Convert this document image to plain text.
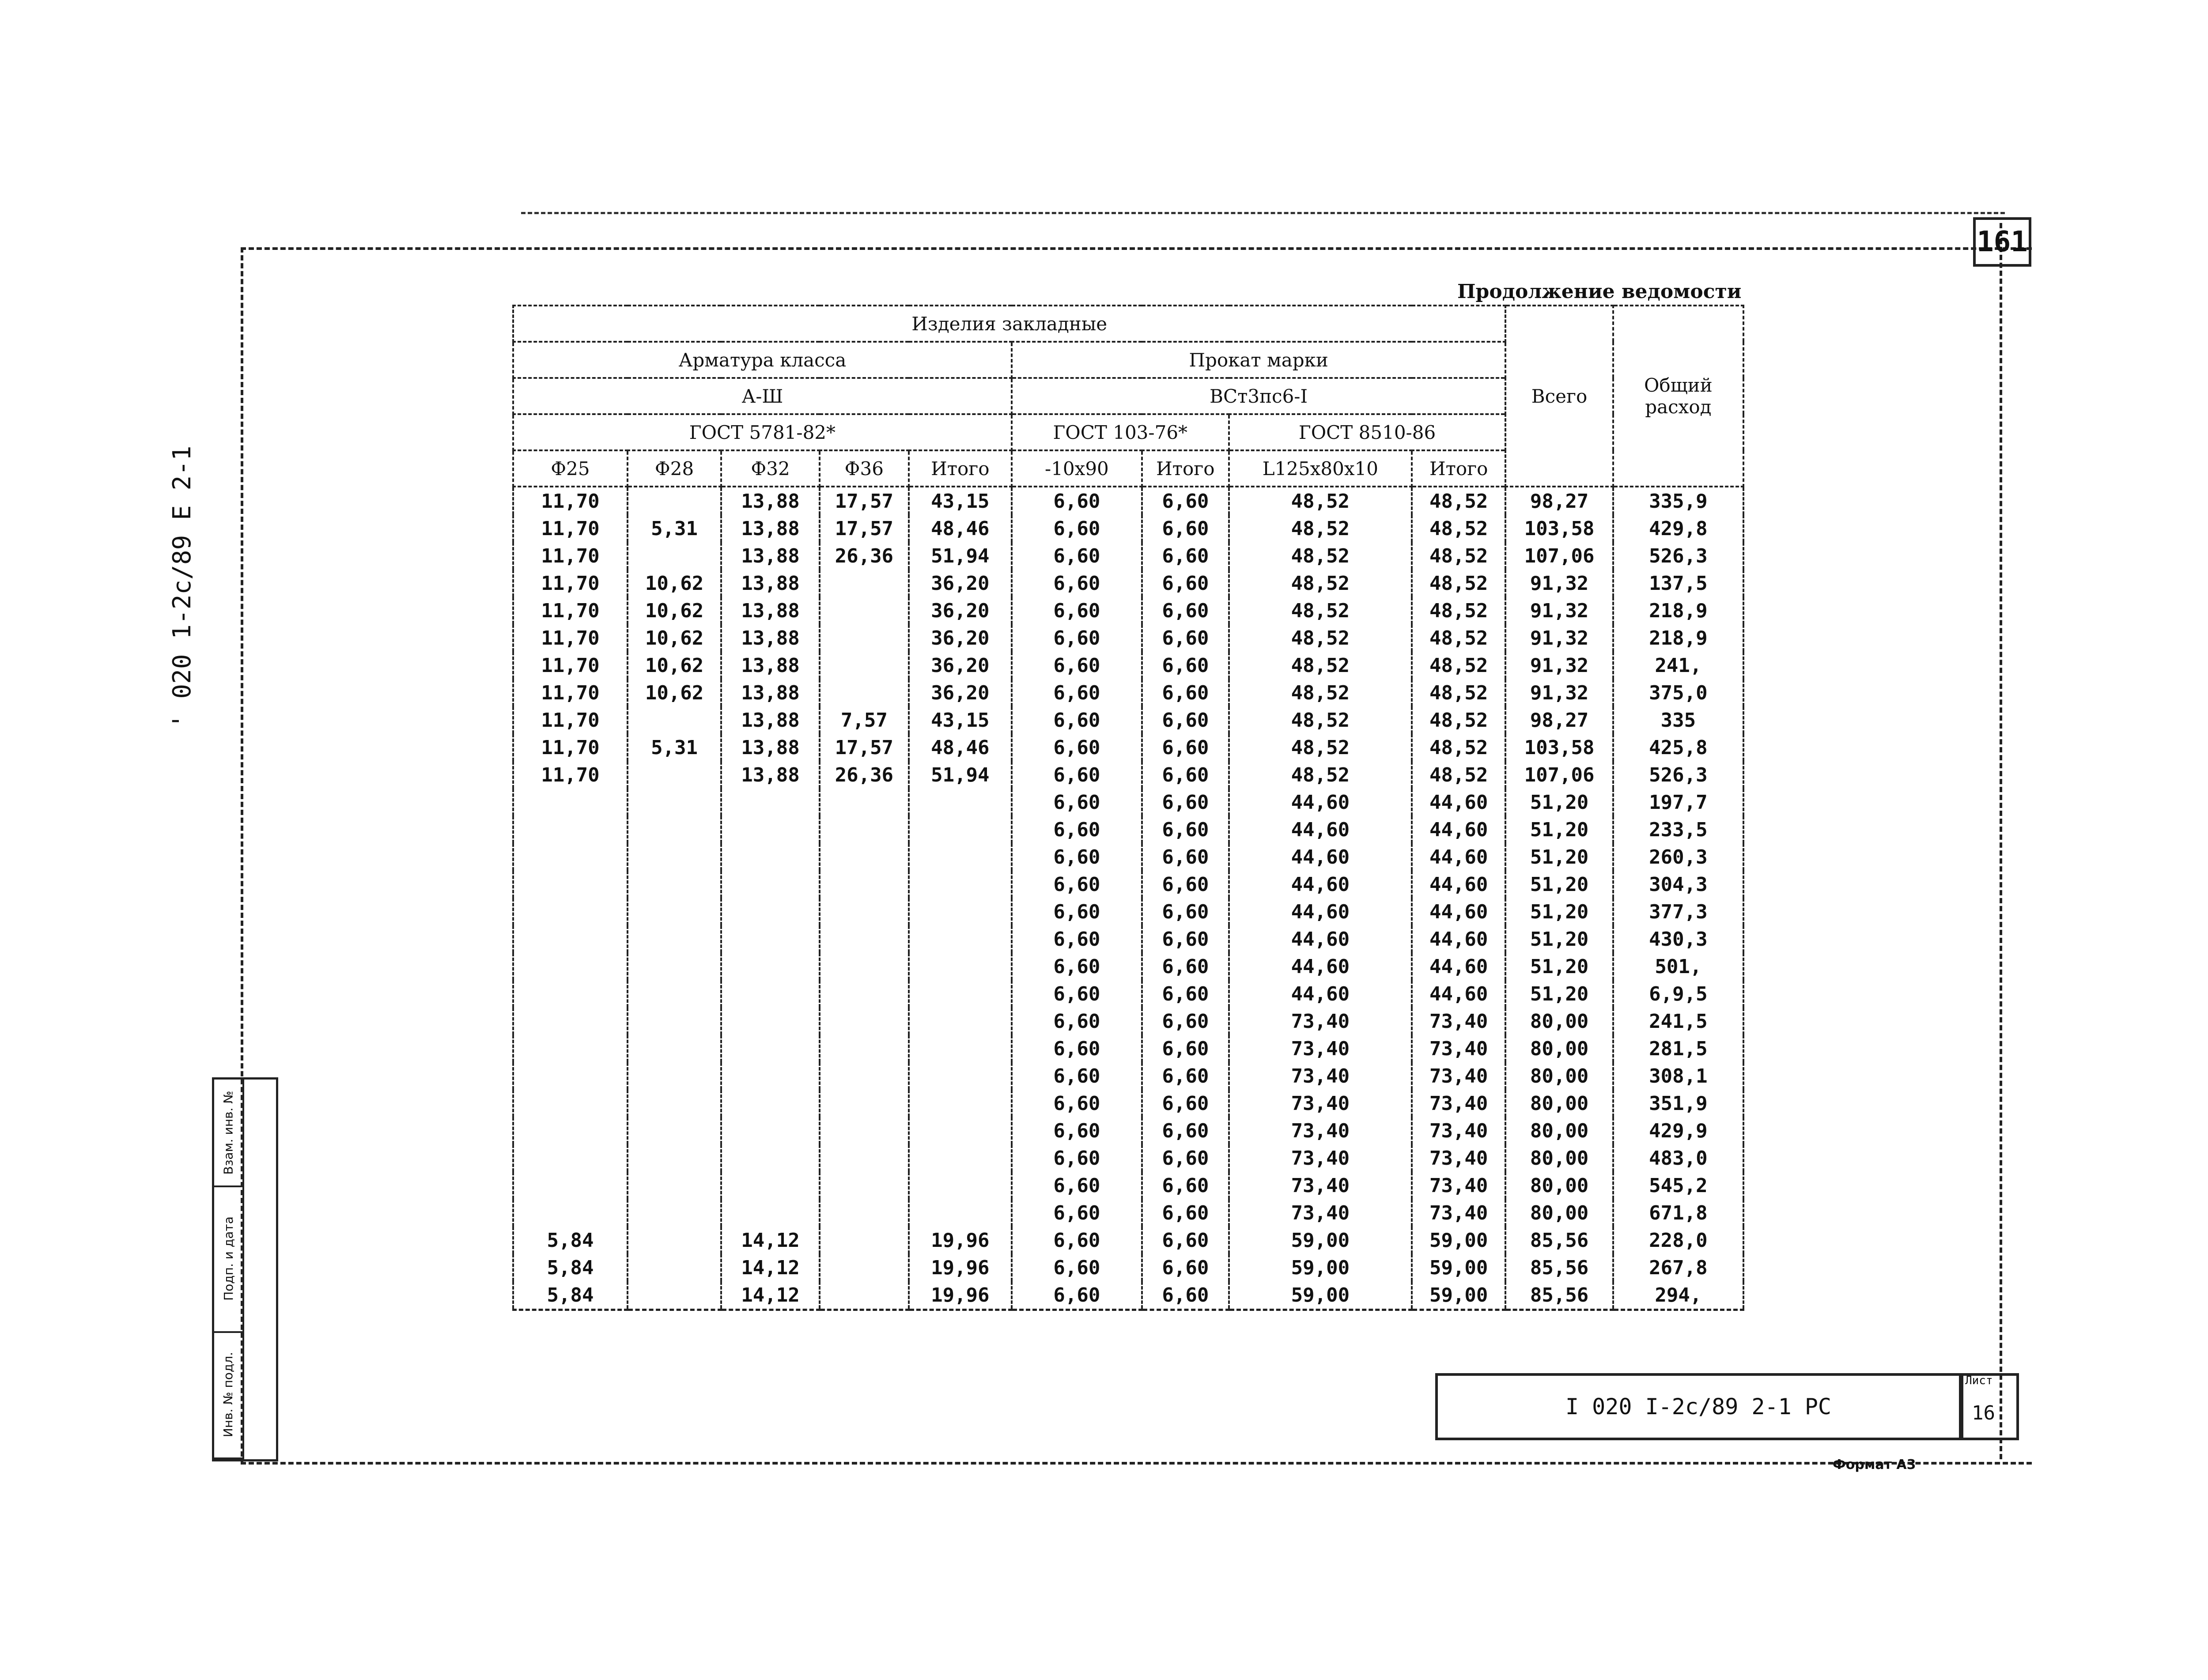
161
Продолжение ведомости
' 020 1-2с/89 Е 2-1
Инв. № подл.
Подп. и дата
Взам. инв. №
Изделия закладные									Всего	Общий расход
Арматура класса					Прокат марки					
А-Ш					ВСт3пс6-I					
ГОСТ 5781-82*					ГОСТ 103-76*		ГОСТ 8510-86			
Ф25	Ф28	Ф32	Ф36	Итого	-10х90	Итого	L125х80х10	Итого		
11,70		13,88	17,57	43,15	6,60	6,60	48,52	48,52	98,27	335,9
11,70	5,31	13,88	17,57	48,46	6,60	6,60	48,52	48,52	103,58	429,8
11,70		13,88	26,36	51,94	6,60	6,60	48,52	48,52	107,06	526,3
11,70	10,62	13,88		36,20	6,60	6,60	48,52	48,52	91,32	137,5
11,70	10,62	13,88		36,20	6,60	6,60	48,52	48,52	91,32	218,9
11,70	10,62	13,88		36,20	6,60	6,60	48,52	48,52	91,32	218,9
11,70	10,62	13,88		36,20	6,60	6,60	48,52	48,52	91,32	241,
11,70	10,62	13,88		36,20	6,60	6,60	48,52	48,52	91,32	375,0
11,70		13,88	7,57	43,15	6,60	6,60	48,52	48,52	98,27	335
11,70	5,31	13,88	17,57	48,46	6,60	6,60	48,52	48,52	103,58	425,8
11,70		13,88	26,36	51,94	6,60	6,60	48,52	48,52	107,06	526,3
					6,60	6,60	44,60	44,60	51,20	197,7
					6,60	6,60	44,60	44,60	51,20	233,5
					6,60	6,60	44,60	44,60	51,20	260,3
					6,60	6,60	44,60	44,60	51,20	304,3
					6,60	6,60	44,60	44,60	51,20	377,3
					6,60	6,60	44,60	44,60	51,20	430,3
					6,60	6,60	44,60	44,60	51,20	501,
					6,60	6,60	44,60	44,60	51,20	6,9,5
					6,60	6,60	73,40	73,40	80,00	241,5
					6,60	6,60	73,40	73,40	80,00	281,5
					6,60	6,60	73,40	73,40	80,00	308,1
					6,60	6,60	73,40	73,40	80,00	351,9
					6,60	6,60	73,40	73,40	80,00	429,9
					6,60	6,60	73,40	73,40	80,00	483,0
					6,60	6,60	73,40	73,40	80,00	545,2
					6,60	6,60	73,40	73,40	80,00	671,8
5,84		14,12		19,96	6,60	6,60	59,00	59,00	85,56	228,0
5,84		14,12		19,96	6,60	6,60	59,00	59,00	85,56	267,8
5,84		14,12		19,96	6,60	6,60	59,00	59,00	85,56	294,
I 020 I-2с/89 2-1 РС
Лист
16
Формат А3
